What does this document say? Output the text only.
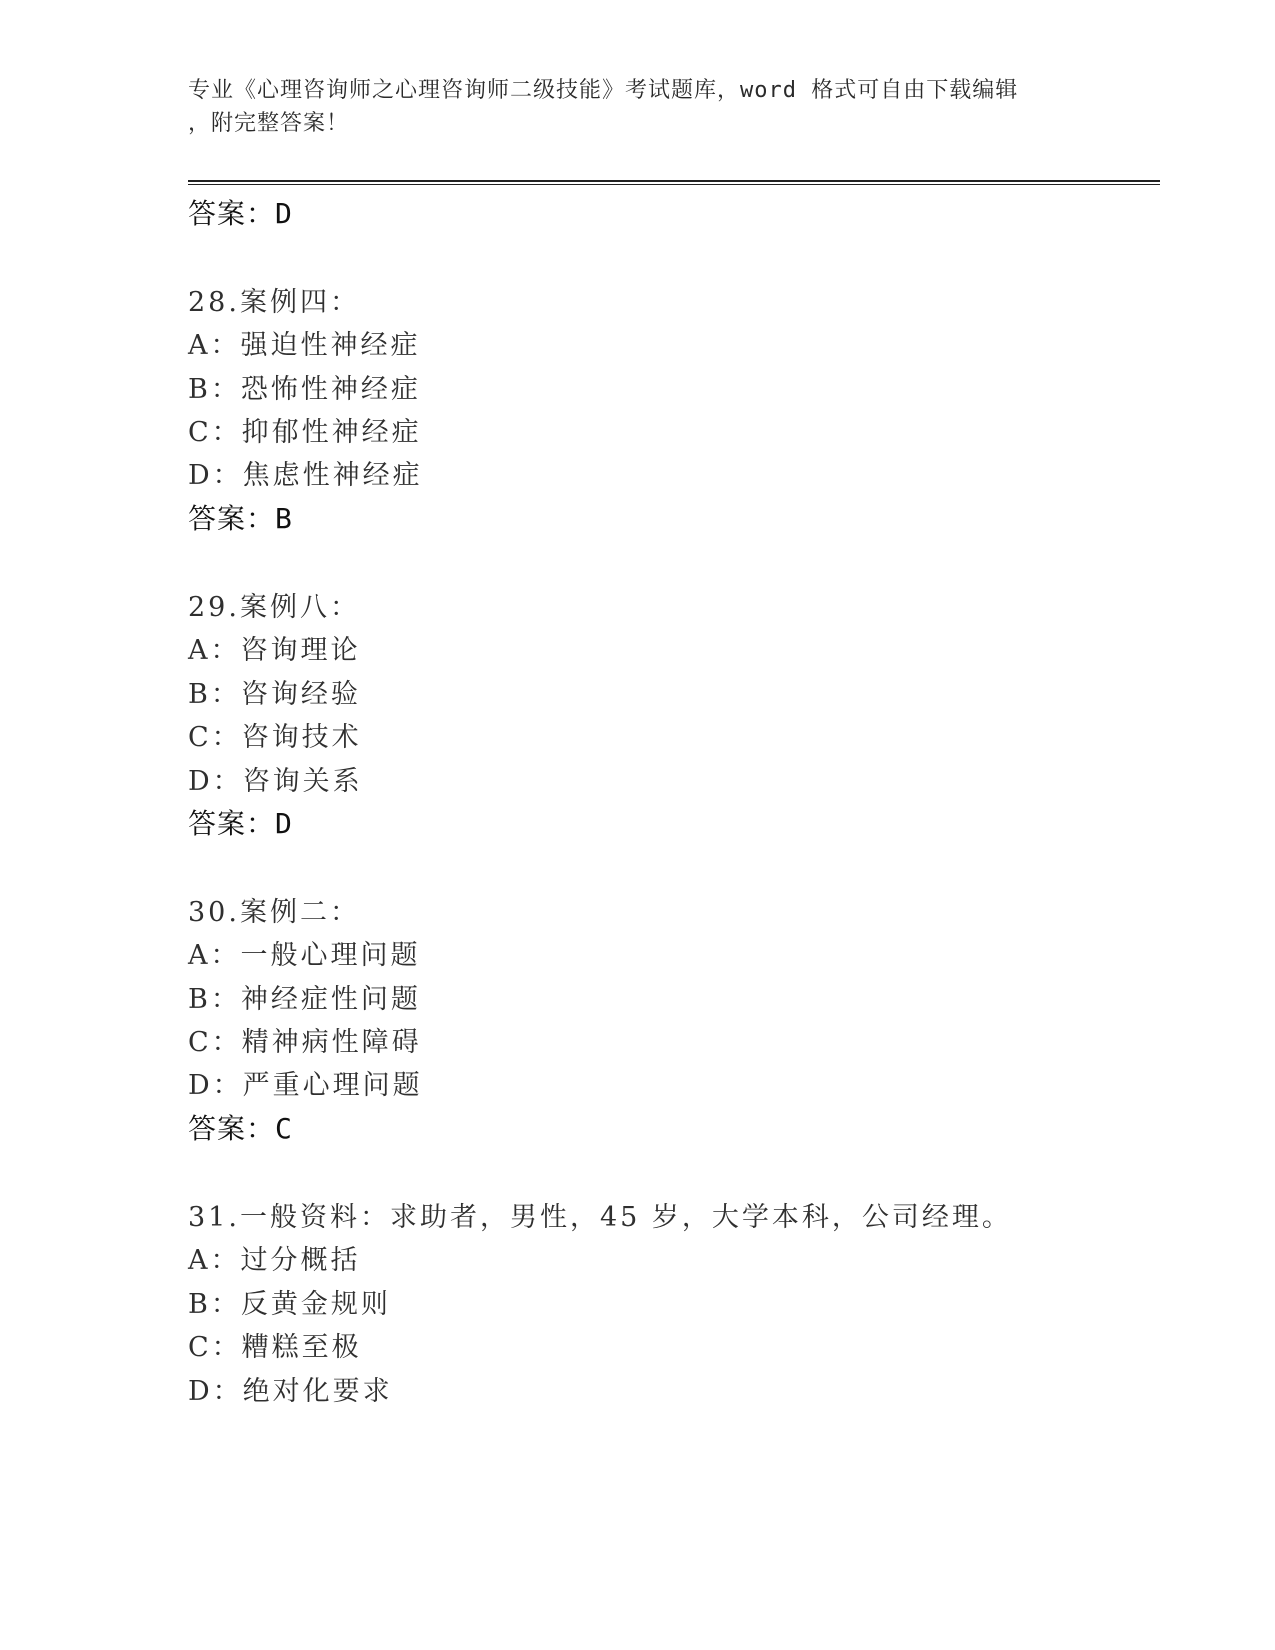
专业《心理咨询师之心理咨询师二级技能》考试题库，word 格式可自由下载编辑
，附完整答案！
答案：D
28.案例四：
A：强迫性神经症
B：恐怖性神经症
C：抑郁性神经症
D：焦虑性神经症
答案：B
29.案例八：
A：咨询理论
B：咨询经验
C：咨询技术
D：咨询关系
答案：D
30.案例二：
A：一般心理问题
B：神经症性问题
C：精神病性障碍
D：严重心理问题
答案：C
31.一般资料：求助者，男性，45 岁，大学本科，公司经理。
A：过分概括
B：反黄金规则
C：糟糕至极
D：绝对化要求
